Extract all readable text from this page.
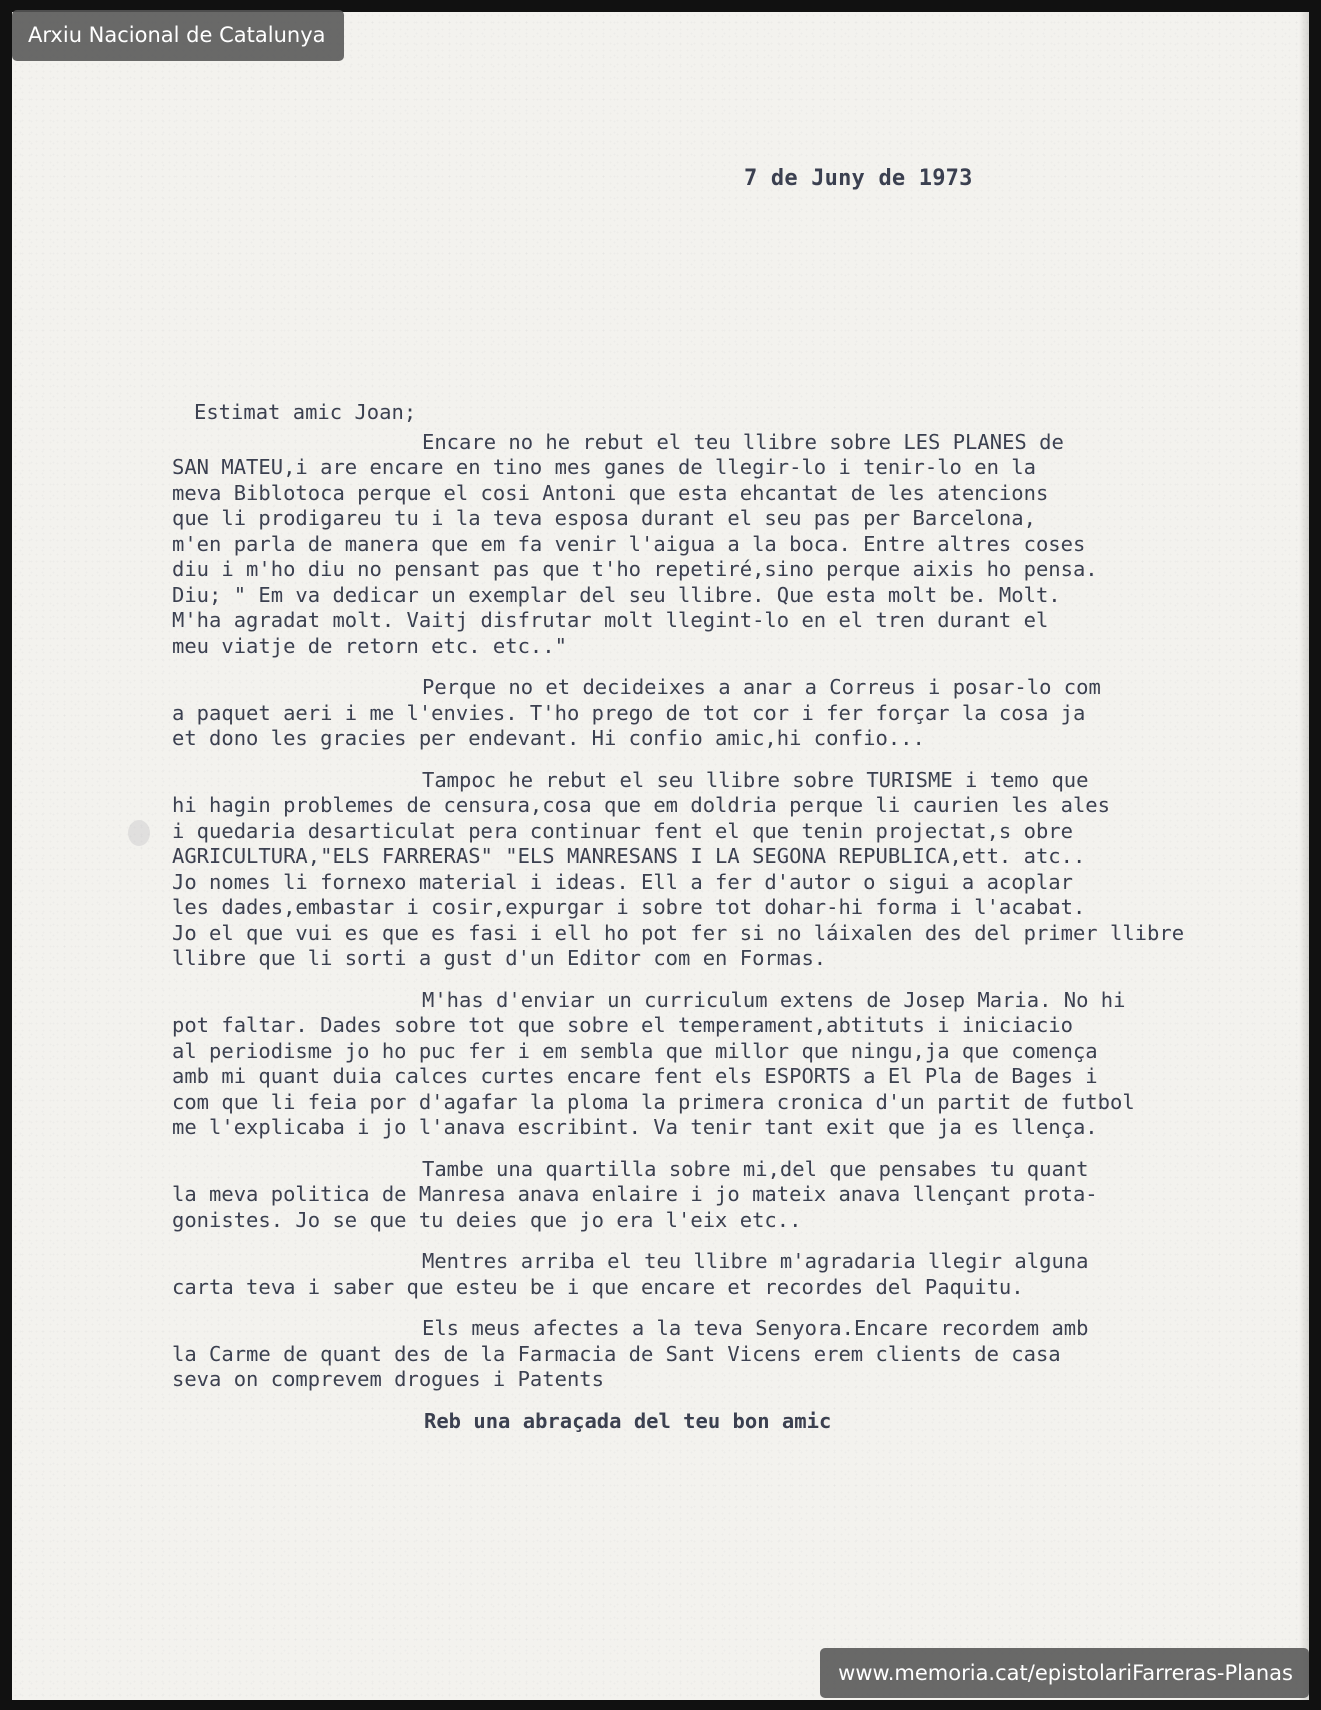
Arxiu Nacional de Catalunya
7 de Juny de 1973
Estimat amic Joan;
Encare no he rebut el teu llibre sobre LES PLANES de
SAN MATEU,i are encare en tino mes ganes de llegir-lo i tenir-lo en la
meva Biblotoca perque el cosi Antoni que esta ehcantat de les atencions
que li prodigareu tu i la teva esposa durant el seu pas per Barcelona,
m'en parla de manera que em fa venir l'aigua a la boca. Entre altres coses
diu i m'ho diu no pensant pas que t'ho repetiré,sino perque aixis ho pensa.
Diu; " Em va dedicar un exemplar del seu llibre. Que esta molt be. Molt.
M'ha agradat molt. Vaitj disfrutar molt llegint-lo en el tren durant el
meu viatje de retorn etc. etc.."
Perque no et decideixes a anar a Correus i posar-lo com
a paquet aeri i me l'envies. T'ho prego de tot cor i fer forçar la cosa ja
et dono les gracies per endevant. Hi confio amic,hi confio...
Tampoc he rebut el seu llibre sobre TURISME i temo que
hi hagin problemes de censura,cosa que em doldria perque li caurien les ales
i quedaria desarticulat pera continuar fent el que tenin projectat,s obre
AGRICULTURA,"ELS FARRERAS" "ELS MANRESANS I LA SEGONA REPUBLICA,ett. atc..
Jo nomes li fornexo material i ideas. Ell a fer d'autor o sigui a acoplar
les dades,embastar i cosir,expurgar i sobre tot dohar-hi forma i l'acabat.
Jo el que vui es que es fasi i ell ho pot fer si no láixalen des del primer llibre
llibre que li sorti a gust d'un Editor com en Formas.
M'has d'enviar un curriculum extens de Josep Maria. No hi
pot faltar. Dades sobre tot que sobre el temperament,abtituts i iniciacio
al periodisme jo ho puc fer i em sembla que millor que ningu,ja que comença
amb mi quant duia calces curtes encare fent els ESPORTS a El Pla de Bages i
com que li feia por d'agafar la ploma la primera cronica d'un partit de futbol
me l'explicaba i jo l'anava escribint. Va tenir tant exit que ja es llença.
Tambe una quartilla sobre mi,del que pensabes tu quant
la meva politica de Manresa anava enlaire i jo mateix anava llençant prota-
gonistes. Jo se que tu deies que jo era l'eix etc..
Mentres arriba el teu llibre m'agradaria llegir alguna
carta teva i saber que esteu be i que encare et recordes del Paquitu.
Els meus afectes a la teva Senyora.Encare recordem amb
la Carme de quant des de la Farmacia de Sant Vicens erem clients de casa
seva on comprevem drogues i Patents
Reb una abraçada del teu bon amic
www.memoria.cat/epistolariFarreras-Planas
